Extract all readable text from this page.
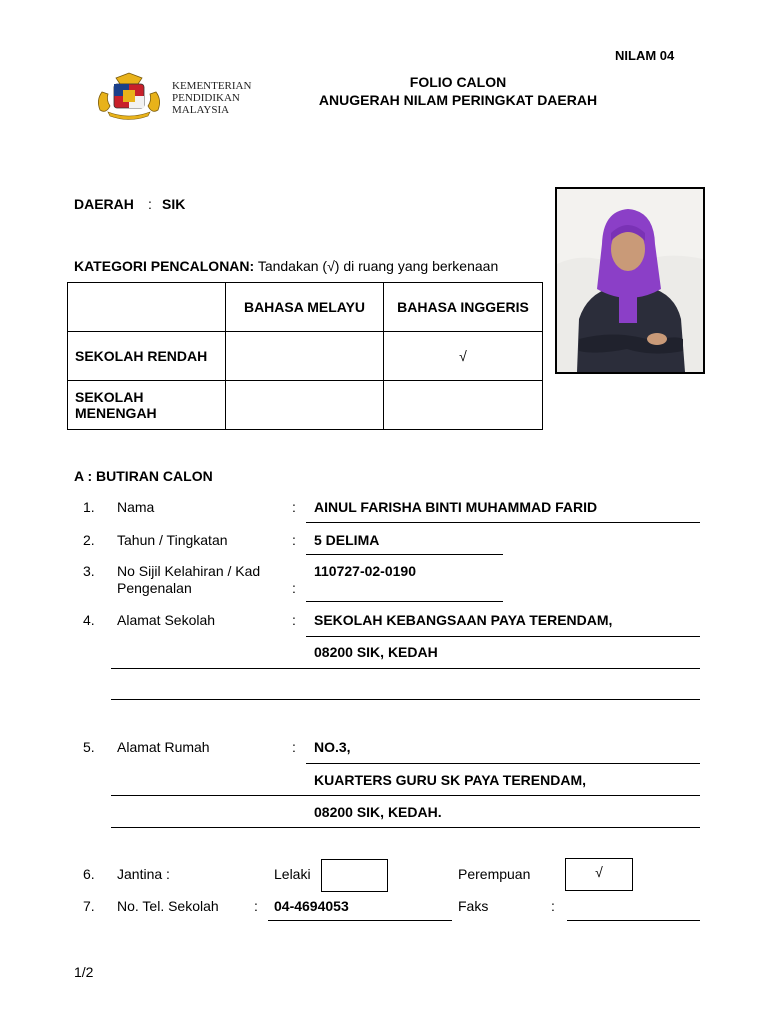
NILAM 04
KEMENTERIAN
PENDIDIKAN
MALAYSIA
FOLIO CALON
ANUGERAH NILAM PERINGKAT DAERAH
DAERAH : SIK
KATEGORI PENCALONAN: Tandakan (√) di ruang yang berkenaan
	BAHASA MELAYU	BAHASA INGGERIS
SEKOLAH RENDAH		√
SEKOLAH MENENGAH		
A : BUTIRAN CALON
1. Nama	: AINUL FARISHA BINTI MUHAMMAD FARID
2. Tahun / Tingkatan	: 5 DELIMA
3. No Sijil Kelahiran / Kad Pengenalan	:
110727-02-0190
4. Alamat Sekolah	: SEKOLAH KEBANGSAAN PAYA TERENDAM,
08200 SIK, KEDAH
5. Alamat Rumah	: NO.3,
KUARTERS GURU SK PAYA TERENDAM,
08200 SIK, KEDAH.
6. Jantina :	Lelaki	Perempuan	√
7. No. Tel. Sekolah	: 04-4694053	Faks	:
1/2
